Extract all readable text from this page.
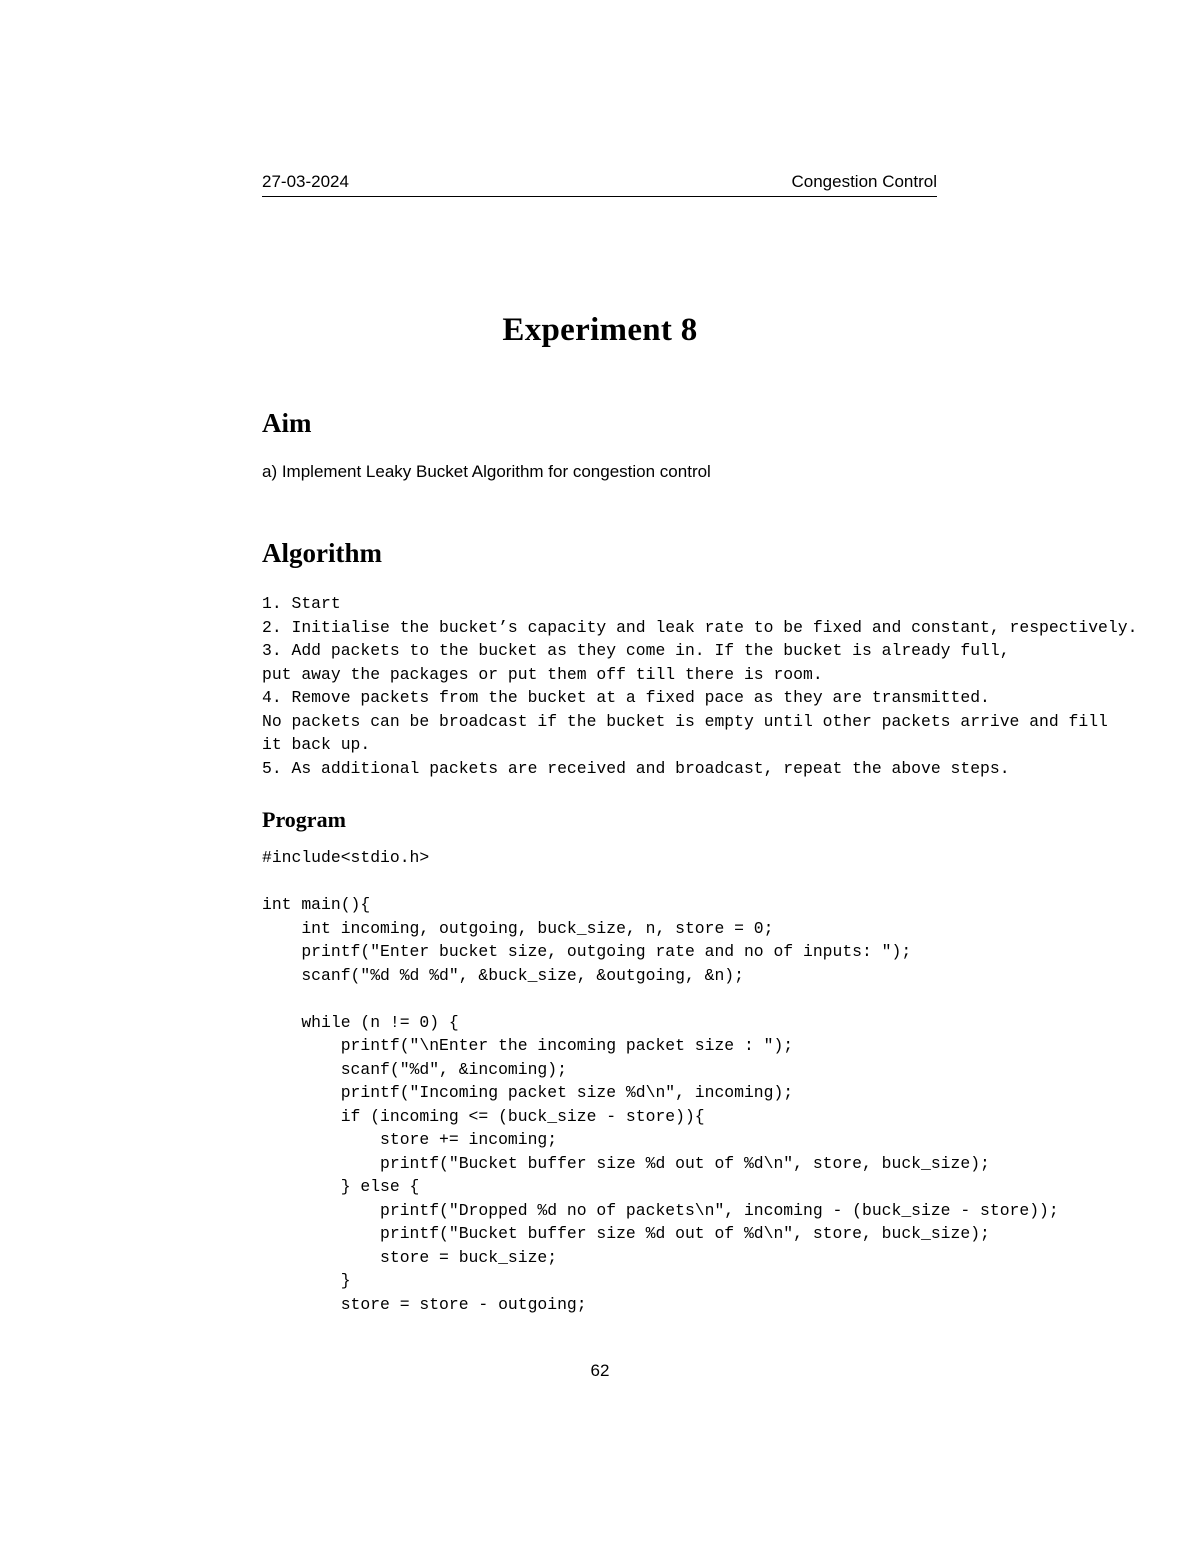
27-03-2024	Congestion Control
Experiment 8
Aim
a) Implement Leaky Bucket Algorithm for congestion control
Algorithm
1. Start
2. Initialise the bucket’s capacity and leak rate to be fixed and constant, respectively.
3. Add packets to the bucket as they come in. If the bucket is already full,
put away the packages or put them off till there is room.
4. Remove packets from the bucket at a fixed pace as they are transmitted.
No packets can be broadcast if the bucket is empty until other packets arrive and fill
it back up.
5. As additional packets are received and broadcast, repeat the above steps.
Program
#include<stdio.h>
int main(){
int incoming, outgoing, buck_size, n, store = 0;
printf("Enter bucket size, outgoing rate and no of inputs: ");
scanf("%d %d %d", &buck_size, &outgoing, &n);
while (n != 0) {
printf("\nEnter the incoming packet size : ");
scanf("%d", &incoming);
printf("Incoming packet size %d\n", incoming);
if (incoming <= (buck_size - store)){
store += incoming;
printf("Bucket buffer size %d out of %d\n", store, buck_size);
} else {
printf("Dropped %d no of packets\n", incoming - (buck_size - store));
printf("Bucket buffer size %d out of %d\n", store, buck_size);
store = buck_size;
}
store = store - outgoing;
62
